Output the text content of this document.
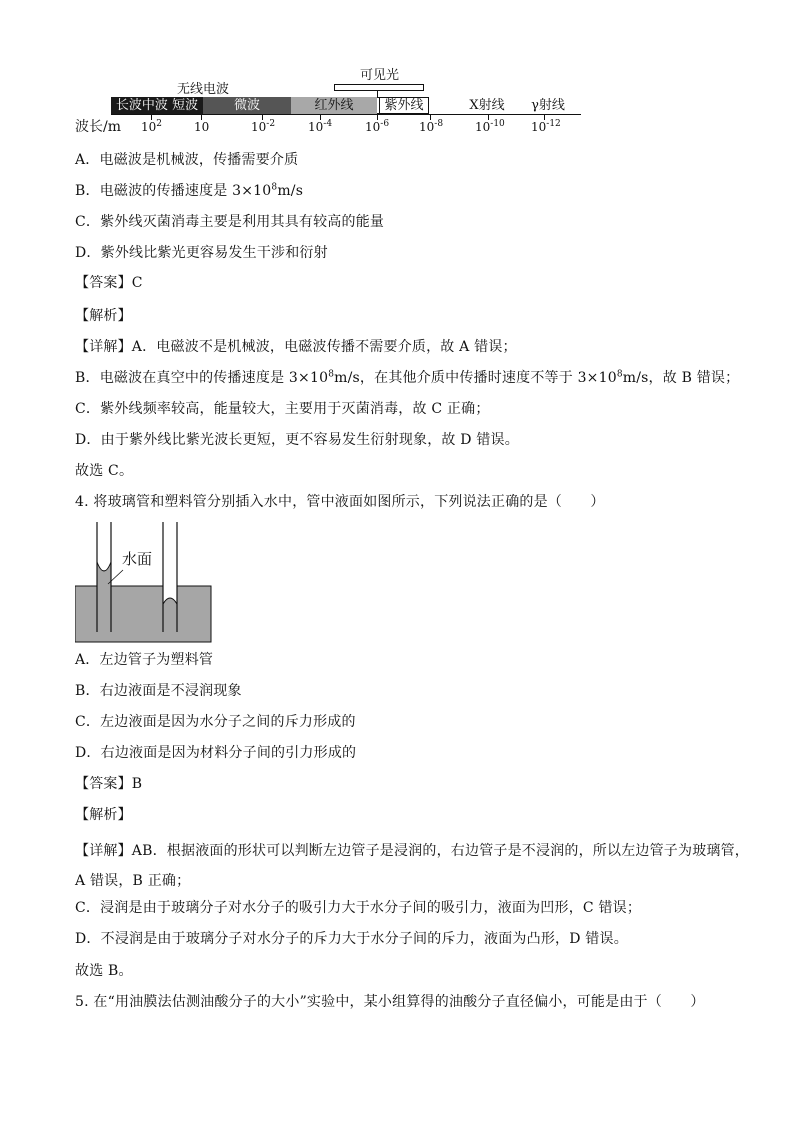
可见光
无线电波
长波中波 短波	微波	红外线	紫外线	X射线	γ射线
波长/m $10^2$	10	$10^{-2}$	$10^{-4}$	$10^{-6}$ $10^{-8}$	$10^{-10}$ $10^{-12}$
A．电磁波是机械波，传播需要介质
B．电磁波的传播速度是 $3\times 10^8m/s$
C．紫外线灭菌消毒主要是利用其具有较高的能量
D．紫外线比紫光更容易发生干涉和衍射
【答案】C
【解析】
【详解】A．电磁波不是机械波，电磁波传播不需要介质，故 A 错误；
B．电磁波在真空中的传播速度是 $3\times 10^8m/s$，在其他介质中传播时速度不等于 $3\times 10^8m/s$，故 B 错误；
C．紫外线频率较高，能量较大，主要用于灭菌消毒，故 C 正确；
D．由于紫外线比紫光波长更短，更不容易发生衍射现象，故 D 错误。
故选 C。
4. 将玻璃管和塑料管分别插入水中，管中液面如图所示，下列说法正确的是（　　）
水面
A．左边管子为塑料管
B．右边液面是不浸润现象
C．左边液面是因为水分子之间的斥力形成的
D．右边液面是因为材料分子间的引力形成的
【答案】B
【解析】
【详解】AB．根据液面的形状可以判断左边管子是浸润的，右边管子是不浸润的，所以左边管子为玻璃管，A 错误，B 正确；
C．浸润是由于玻璃分子对水分子的吸引力大于水分子间的吸引力，液面为凹形，C 错误；
D．不浸润是由于玻璃分子对水分子的斥力大于水分子间的斥力，液面为凸形，D 错误。
故选 B。
5. 在“用油膜法估测油酸分子的大小”实验中，某小组算得的油酸分子直径偏小，可能是由于（　　）
